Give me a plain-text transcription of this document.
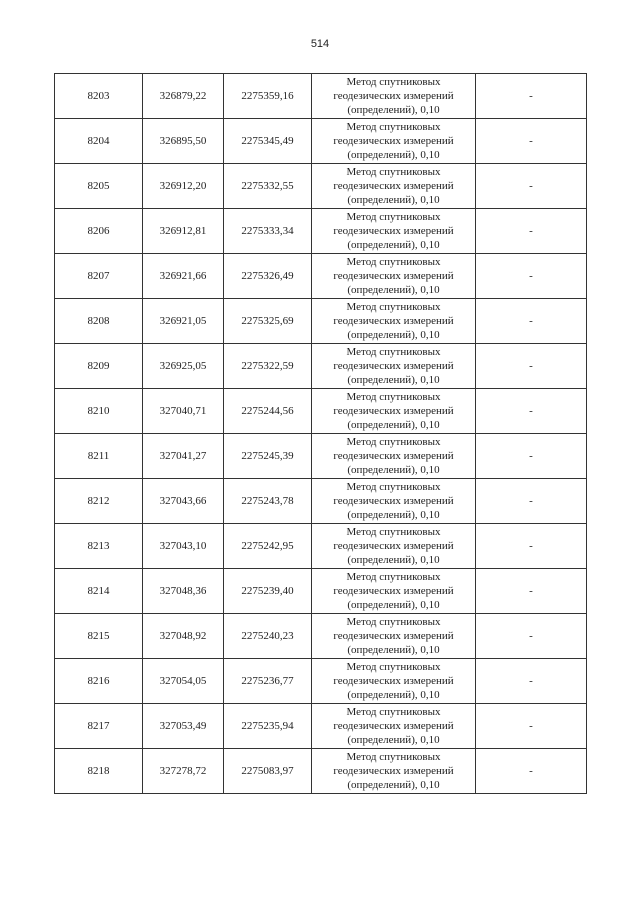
514
8203	326879,22	2275359,16	Метод спутниковых
геодезических измерений
(определений), 0,10	-
8204	326895,50	2275345,49	Метод спутниковых
геодезических измерений
(определений), 0,10	-
8205	326912,20	2275332,55	Метод спутниковых
геодезических измерений
(определений), 0,10	-
8206	326912,81	2275333,34	Метод спутниковых
геодезических измерений
(определений), 0,10	-
8207	326921,66	2275326,49	Метод спутниковых
геодезических измерений
(определений), 0,10	-
8208	326921,05	2275325,69	Метод спутниковых
геодезических измерений
(определений), 0,10	-
8209	326925,05	2275322,59	Метод спутниковых
геодезических измерений
(определений), 0,10	-
8210	327040,71	2275244,56	Метод спутниковых
геодезических измерений
(определений), 0,10	-
8211	327041,27	2275245,39	Метод спутниковых
геодезических измерений
(определений), 0,10	-
8212	327043,66	2275243,78	Метод спутниковых
геодезических измерений
(определений), 0,10	-
8213	327043,10	2275242,95	Метод спутниковых
геодезических измерений
(определений), 0,10	-
8214	327048,36	2275239,40	Метод спутниковых
геодезических измерений
(определений), 0,10	-
8215	327048,92	2275240,23	Метод спутниковых
геодезических измерений
(определений), 0,10	-
8216	327054,05	2275236,77	Метод спутниковых
геодезических измерений
(определений), 0,10	-
8217	327053,49	2275235,94	Метод спутниковых
геодезических измерений
(определений), 0,10	-
8218	327278,72	2275083,97	Метод спутниковых
геодезических измерений
(определений), 0,10	-
